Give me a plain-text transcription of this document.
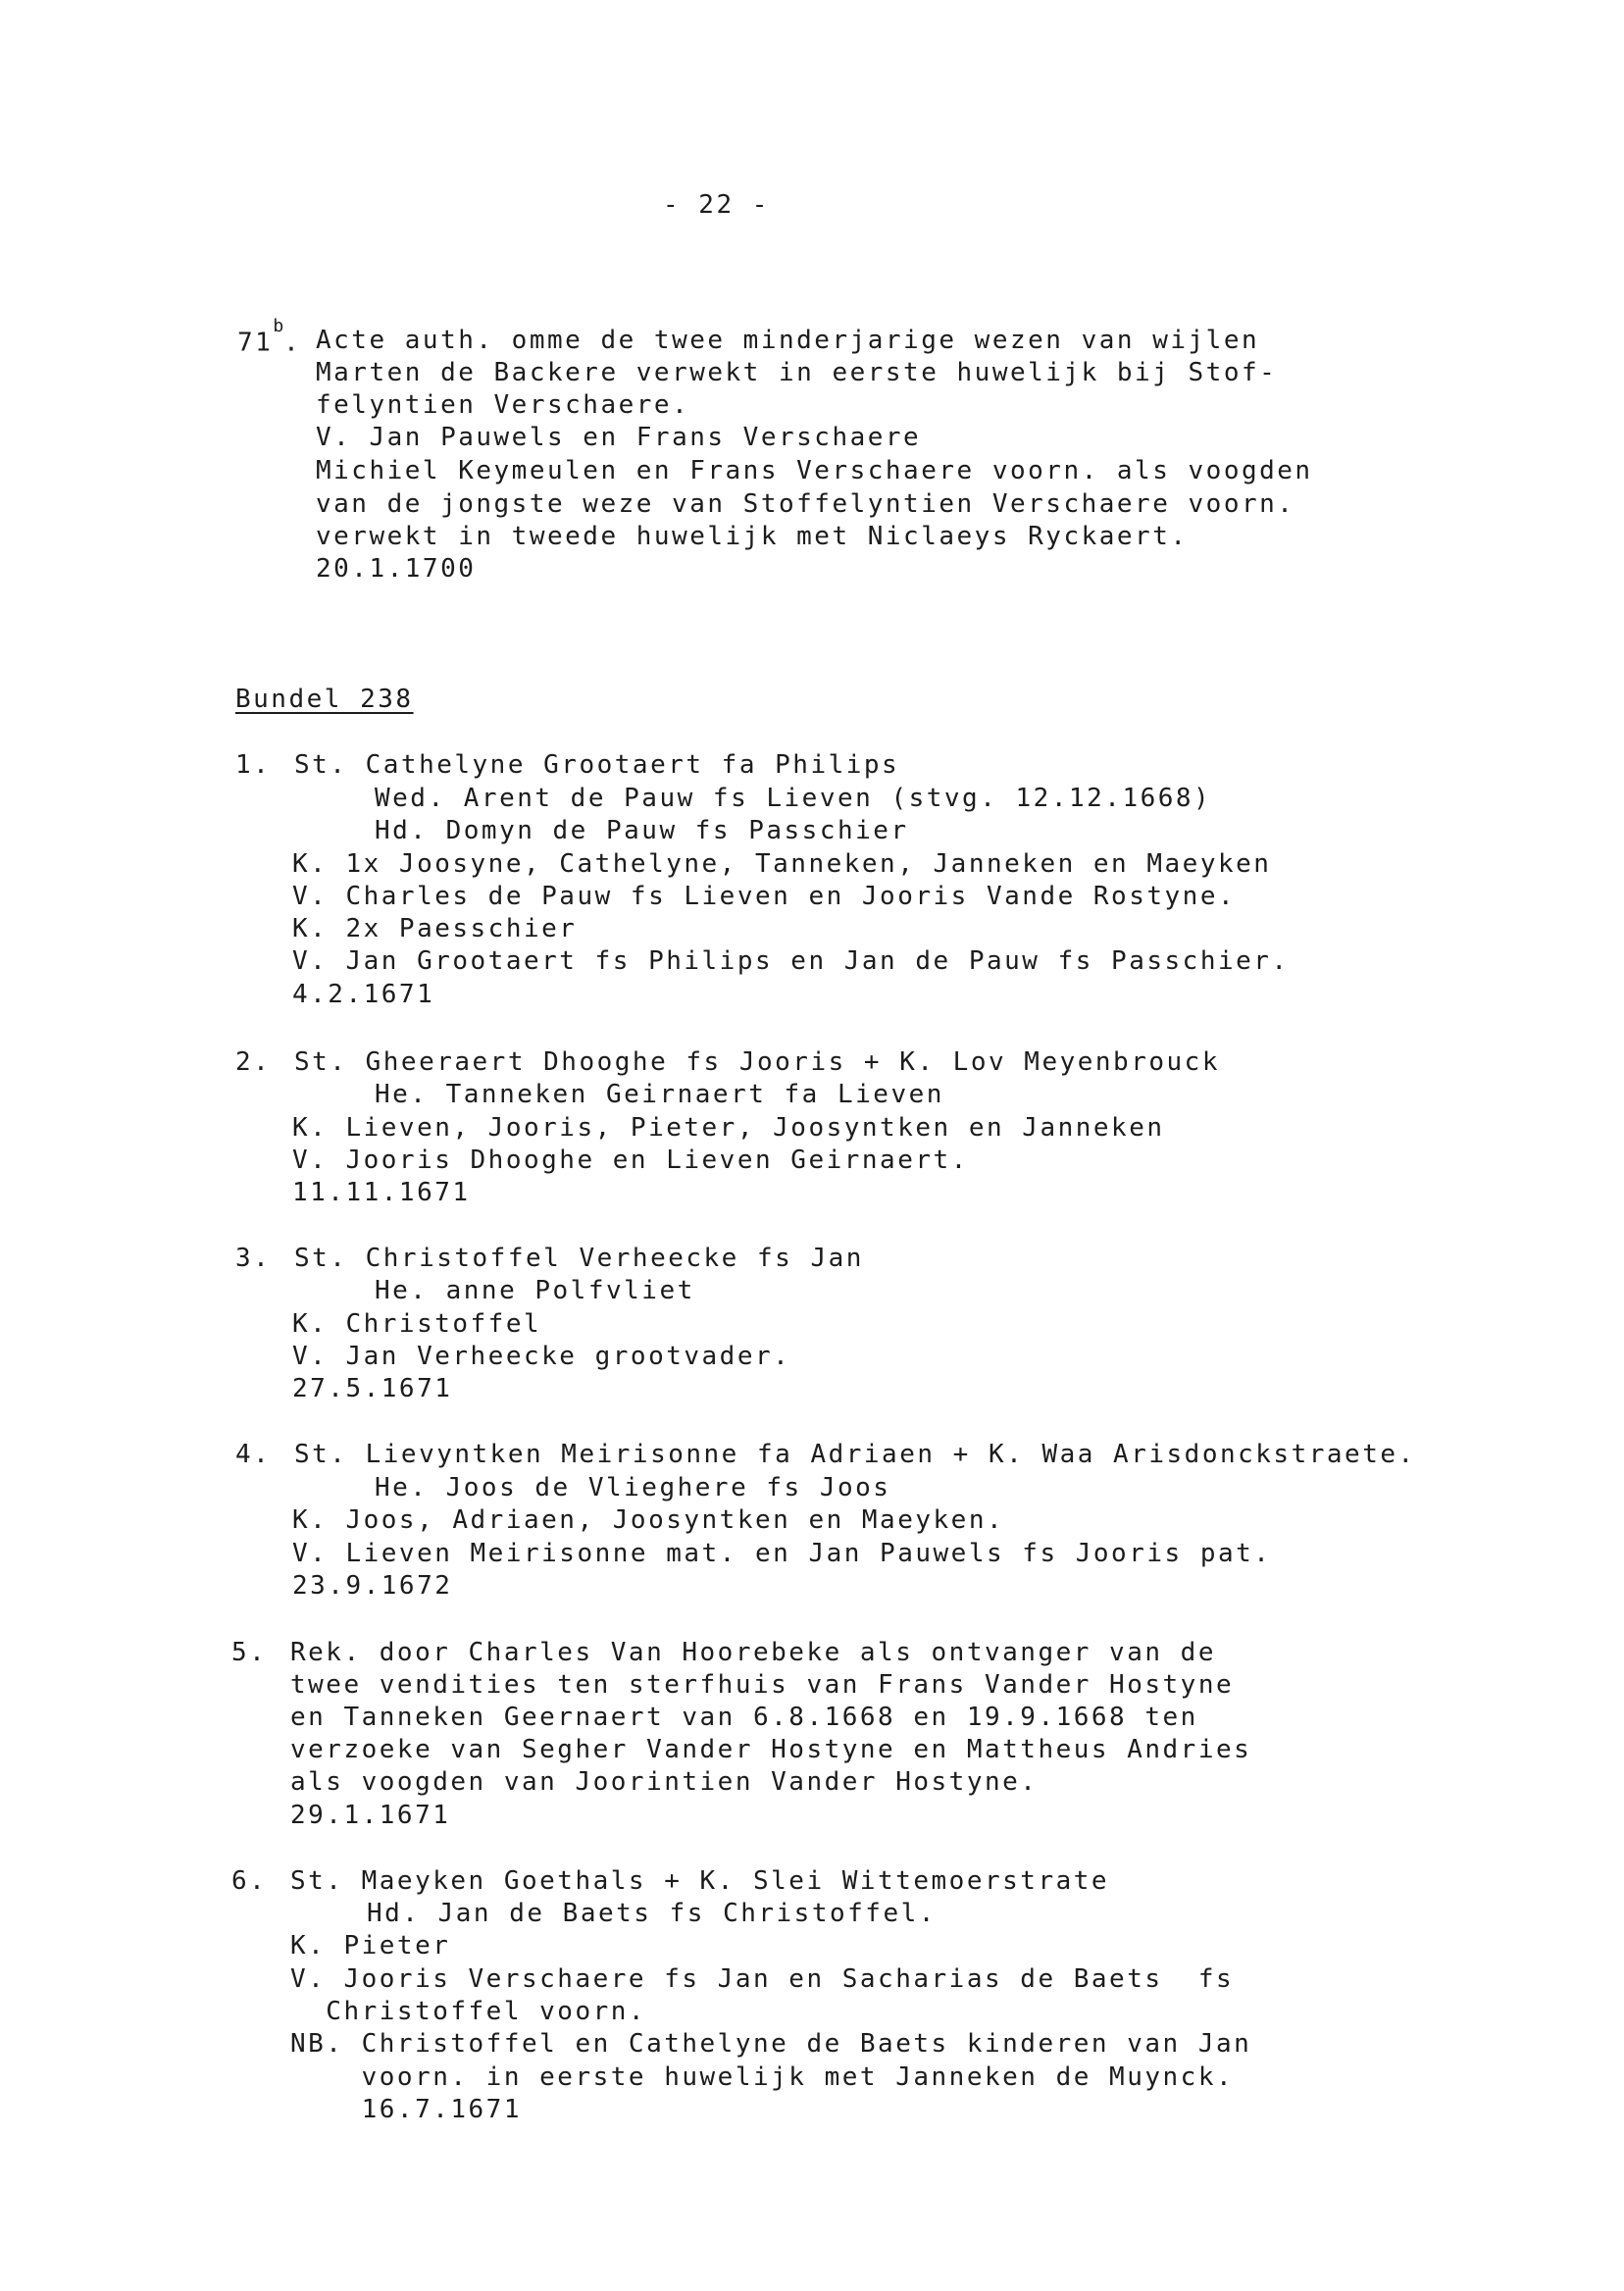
- 22 -
71$^b$. Acte auth. omme de twee minderjarige wezen van wijlen
Marten de Backere verwekt in eerste huwelijk bij Stof-
felyntien Verschaere.
V. Jan Pauwels en Frans Verschaere
Michiel Keymeulen en Frans Verschaere voorn. als voogden
van de jongste weze van Stoffelyntien Verschaere voorn.
verwekt in tweede huwelijk met Niclaeys Ryckaert.
20.1.1700
Bundel 238
1. St. Cathelyne Grootaert fa Philips
Wed. Arent de Pauw fs Lieven (stvg. 12.12.1668)
Hd. Domyn de Pauw fs Passchier
K. 1x Joosyne, Cathelyne, Tanneken, Janneken en Maeyken
V. Charles de Pauw fs Lieven en Jooris Vande Rostyne.
K. 2x Paesschier
V. Jan Grootaert fs Philips en Jan de Pauw fs Passchier.
4.2.1671
2. St. Gheeraert Dhooghe fs Jooris + K. Lov Meyenbrouck
He. Tanneken Geirnaert fa Lieven
K. Lieven, Jooris, Pieter, Joosyntken en Janneken
V. Jooris Dhooghe en Lieven Geirnaert.
11.11.1671
3. St. Christoffel Verheecke fs Jan
He. anne Polfvliet
K. Christoffel
V. Jan Verheecke grootvader.
27.5.1671
4. St. Lievyntken Meirisonne fa Adriaen + K. Waa Arisdonckstraete.
He. Joos de Vlieghere fs Joos
K. Joos, Adriaen, Joosyntken en Maeyken.
V. Lieven Meirisonne mat. en Jan Pauwels fs Jooris pat.
23.9.1672
5. Rek. door Charles Van Hoorebeke als ontvanger van de
twee vendities ten sterfhuis van Frans Vander Hostyne
en Tanneken Geernaert van 6.8.1668 en 19.9.1668 ten
verzoeke van Segher Vander Hostyne en Mattheus Andries
als voogden van Joorintien Vander Hostyne.
29.1.1671
6. St. Maeyken Goethals + K. Slei Wittemoerstrate
Hd. Jan de Baets fs Christoffel.
K. Pieter
V. Jooris Verschaere fs Jan en Sacharias de Baets  fs
Christoffel voorn.
NB. Christoffel en Cathelyne de Baets kinderen van Jan
voorn. in eerste huwelijk met Janneken de Muynck.
16.7.1671
